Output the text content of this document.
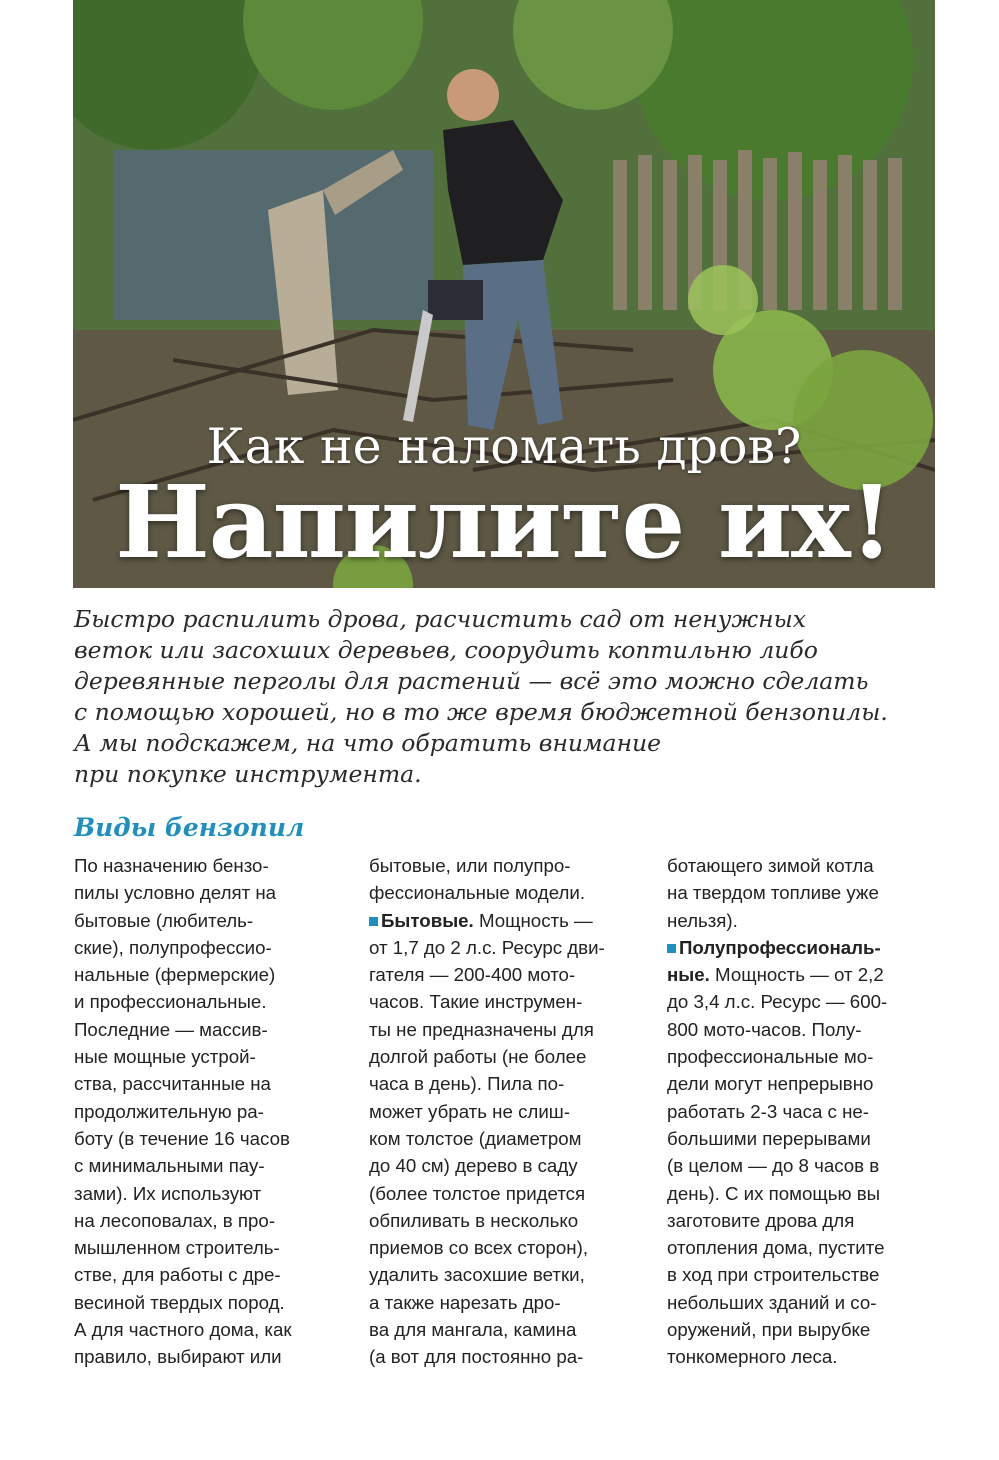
Как не наломать дров?
Напилите их!

Быстро распилить дрова, расчистить сад от ненужных
веток или засохших деревьев, соорудить коптильню либо
деревянные перголы для растений — всё это можно сделать
с помощью хорошей, но в то же время бюджетной бензопилы.
А мы подскажем, на что обратить внимание
при покупке инструмента.

Виды бензопил
По назначению бензо-
пилы условно делят на
бытовые (любитель-
ские), полупрофессио-
нальные (фермерские)
и профессиональные.
Последние — массив-
ные мощные устрой-
ства, рассчитанные на
продолжительную ра-
боту (в течение 16 часов
с минимальными пау-
зами). Их используют
на лесоповалах, в про-
мышленном строитель-
стве, для работы с дре-
весиной твердых пород.
А для частного дома, как
правило, выбирают или
бытовые, или полупро-
фессиональные модели.
Бытовые. Мощность —
от 1,7 до 2 л.с. Ресурс дви-
гателя — 200-400 мото-
часов. Такие инструмен-
ты не предназначены для
долгой работы (не более
часа в день). Пила по-
может убрать не слиш-
ком толстое (диаметром
до 40 см) дерево в саду
(более толстое придется
обпиливать в несколько
приемов со всех сторон),
удалить засохшие ветки,
а также нарезать дро-
ва для мангала, камина
(а вот для постоянно ра-
ботающего зимой котла
на твердом топливе уже
нельзя).
Полупрофессиональ-
ные. Мощность — от 2,2
до 3,4 л.с. Ресурс — 600-
800 мото-часов. Полу-
профессиональные мо-
дели могут непрерывно
работать 2-3 часа с не-
большими перерывами
(в целом — до 8 часов в
день). С их помощью вы
заготовите дрова для
отопления дома, пустите
в ход при строительстве
небольших зданий и со-
оружений, при вырубке
тонкомерного леса.
